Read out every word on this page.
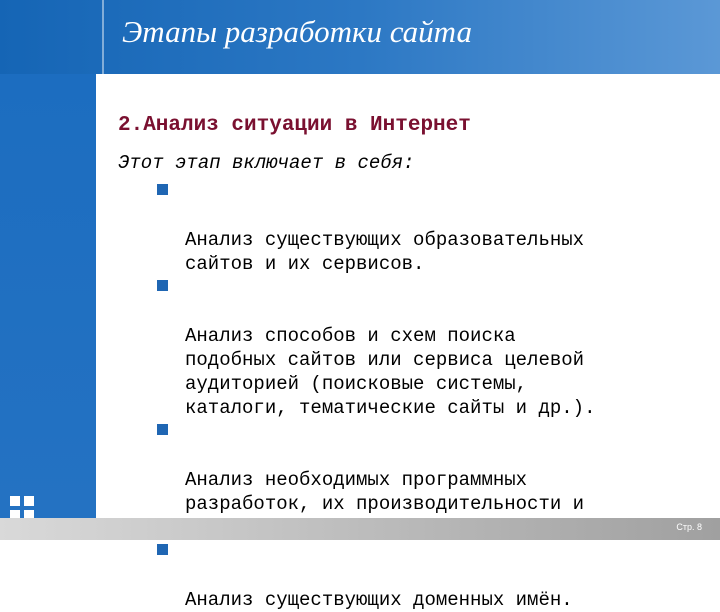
Этапы разработки сайта
2.Анализ ситуации в Интернет
Этот этап включает в себя:

Анализ существующих образовательных
сайтов и их сервисов.

Анализ способов и схем поиска
подобных сайтов или сервиса целевой
аудиторией (поисковые системы,
каталоги, тематические сайты и др.).

Анализ необходимых программных
разработок, их производительности и

Анализ существующих доменных имён.

Стр. 8
